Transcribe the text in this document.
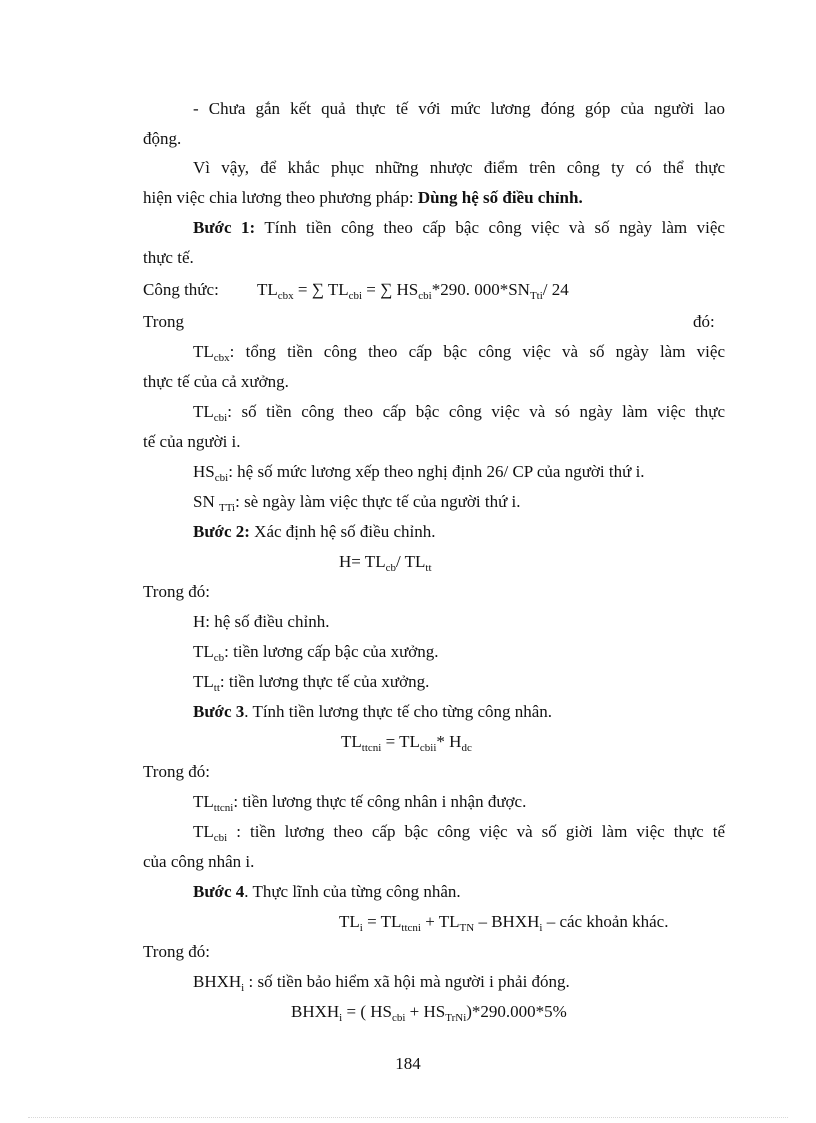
- Chưa gắn kết quả thực tế với mức lương đóng góp của người lao
động.
Vì vậy, để khắc phục những nhược điểm trên công ty có thể thực
hiện việc chia lương theo phương pháp: Dùng hệ số điều chỉnh.
Bước 1: Tính tiền công theo cấp bậc công việc và số ngày làm việc
thực tế.
Công thức: $TL_{cbx}$ = ∑ $TL_{cbi}$ = ∑ $HS_{cbi}*290$. $000*SN_{Tti}/$ 24
Trong	đó:
$TL_{cbx}$: tổng tiền công theo cấp bậc công việc và số ngày làm việc
thực tế của cả xưởng.
$TL_{cbi}$: số tiền công theo cấp bậc công việc và só ngày làm việc thực
tế của người i.
$HS_{cbi}$: hệ số mức lương xếp theo nghị định 26/ CP của người thứ i.
SN $_{TTi}$: sè ngày làm việc thực tế của người thứ i.
Bước 2: Xác định hệ số điều chỉnh.
$H= TL_{cb}/$ $TL_{tt}$
Trong đó:
H: hệ số điều chỉnh.
$TL_{cb}$: tiền lương cấp bậc của xưởng.
$TL_{tt}$: tiền lương thực tế của xưởng.
Bước 3. Tính tiền lương thực tế cho từng công nhân.
$TL_{ttcni} = TL_{cbii}*$ $H_{dc}$
Trong đó:
$TL_{ttcni}$: tiền lương thực tế công nhân i nhận được.
$TL_{cbi}$ : tiền lương theo cấp bậc công việc và số giời làm việc thực tế
của công nhân i.
Bước 4. Thực lĩnh của từng công nhân.
$TL_i = TL_{ttcni} + TL_{TN}$ – $BHXH_i$ – các khoản khác.
Trong đó:
$BHXH_i$ : số tiền bảo hiểm xã hội mà người i phải đóng.
$BHXH_i$ = ( $HS_{cbi} + HS_{TrNi})*290.000*5\%$
184
